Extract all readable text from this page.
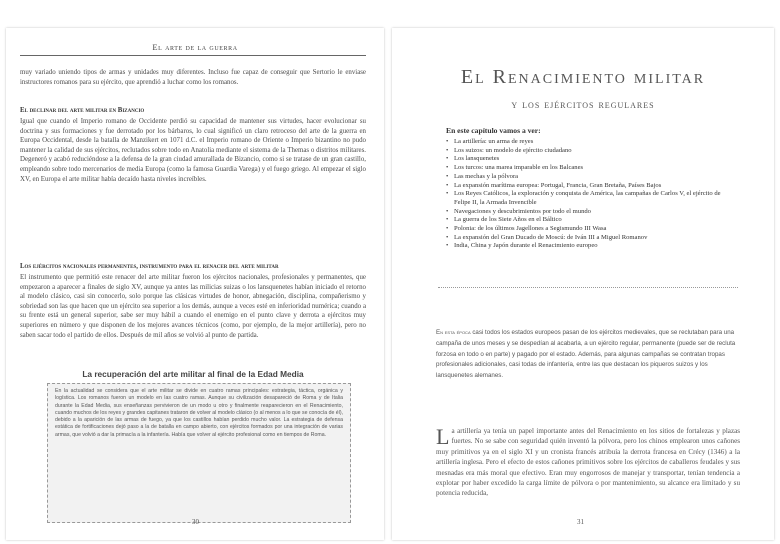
El arte de la guerra

muy variado uniendo tipos de armas y unidades muy diferentes. Incluso fue capaz de conseguir que Sertorio le enviase instructores romanos para su ejército, que aprendió a luchar como los romanos.

El declinar del arte militar en Bizancio

Igual que cuando el Imperio romano de Occidente perdió su capacidad de mantener sus virtudes, hacer evolucionar su doctrina y sus formaciones y fue derrotado por los bárbaros, lo cual significó un claro retroceso del arte de la guerra en Europa Occidental, desde la batalla de Manzikert en 1071 d.C. el Imperio romano de Oriente o Imperio bizantino no pudo mantener la calidad de sus ejércitos, reclutados sobre todo en Anatolia mediante el sistema de la Themas o distritos militares. Degeneró y acabó reduciéndose a la defensa de la gran ciudad amurallada de Bizancio, como si se tratase de un gran castillo, empleando sobre todo mercenarios de media Europa (como la famosa Guardia Varega) y el fuego griego. Al empezar el siglo XV, en Europa el arte militar había decaído hasta niveles increíbles.

Los ejércitos nacionales permanentes, instrumento para el renacer del arte militar

El instrumento que permitió este renacer del arte militar fueron los ejércitos nacionales, profesionales y permanentes, que empezaron a aparecer a finales de siglo XV, aunque ya antes las milicias suizas o los lansquenetes habían iniciado el retorno al modelo clásico, casi sin conocerlo, solo porque las clásicas virtudes de honor, abnegación, disciplina, compañerismo y sobriedad son las que hacen que un ejército sea superior a los demás, aunque a veces esté en inferioridad numérica; cuando a su frente está un general superior, sabe ser muy hábil a cuando el enemigo en el punto clave y derrota a ejércitos muy superiores en número y que disponen de los mejores avances técnicos (como, por ejemplo, de la mejor artillería), pero no saben sacar todo el partido de ellos. Después de mil años se volvió al punto de partida.

La recuperación del arte militar al final de la Edad Media
En la actualidad se considera que el arte militar se divide en cuatro ramas principales: estrategia, táctica, orgánica y logística. Los romanos fueron un modelo en las cuatro ramas. Aunque su civilización desapareció de Roma y de Italia durante la Edad Media, sus enseñanzas pervivieron de un modo u otro y finalmente reaparecieron en el Renacimiento, cuando muchos de los reyes y grandes capitanes trataron de volver al modelo clásico (o al menos a lo que se conocía de él), debido a la aparición de las armas de fuego, ya que los castillos habían perdido mucho valor. La estrategia de defensa estática de fortificaciones dejó paso a la de batalla en campo abierto, con ejércitos formados por una integración de varias armas, que volvió a dar la primacía a la infantería. Había que volver al ejército profesional como en tiempos de Roma.
30
El Renacimiento militar
y los ejércitos regulares

En este capítulo vamos a ver:

• La artillería: un arma de reyes
• Los suizos: un modelo de ejército ciudadano
• Los lansquenetes
• Los turcos: una marea imparable en los Balcanes
• Las mechas y la pólvora
• La expansión marítima europea: Portugal, Francia, Gran Bretaña, Países Bajos
• Los Reyes Católicos, la exploración y conquista de América, las campañas de Carlos V, el ejército de Felipe II, la Armada Invencible
• Navegaciones y descubrimientos por todo el mundo
• La guerra de los Siete Años en el Báltico
• Polonia: de los últimos Jagellones a Segismundo III Wasa
• La expansión del Gran Ducado de Moscú: de Iván III a Miguel Romanov
• India, China y Japón durante el Renacimiento europeo

En esta época casi todos los estados europeos pasan de los ejércitos medievales, que se reclutaban para una campaña de unos meses y se despedían al acabarla, a un ejército regular, permanente (puede ser de recluta forzosa en todo o en parte) y pagado por el estado. Además, para algunas campañas se contratan tropas profesionales adicionales, casi todas de infantería, entre las que destacan los piqueros suizos y los lansquenetes alemanes.

La artillería ya tenía un papel importante antes del Renacimiento en los sitios de fortalezas y plazas fuertes. No se sabe con seguridad quién inventó la pólvora, pero los chinos emplearon unos cañones muy primitivos ya en el siglo XI y un cronista francés atribuía la derrota francesa en Crécy (1346) a la artillería inglesa. Pero el efecto de estos cañones primitivos sobre los ejércitos de caballeros feudales y sus mesnadas era más moral que efectivo. Eran muy engorrosos de manejar y transportar, tenían tendencia a explotar por haber excedido la carga límite de pólvora o por mantenimiento, su alcance era limitado y su potencia reducida,

31
